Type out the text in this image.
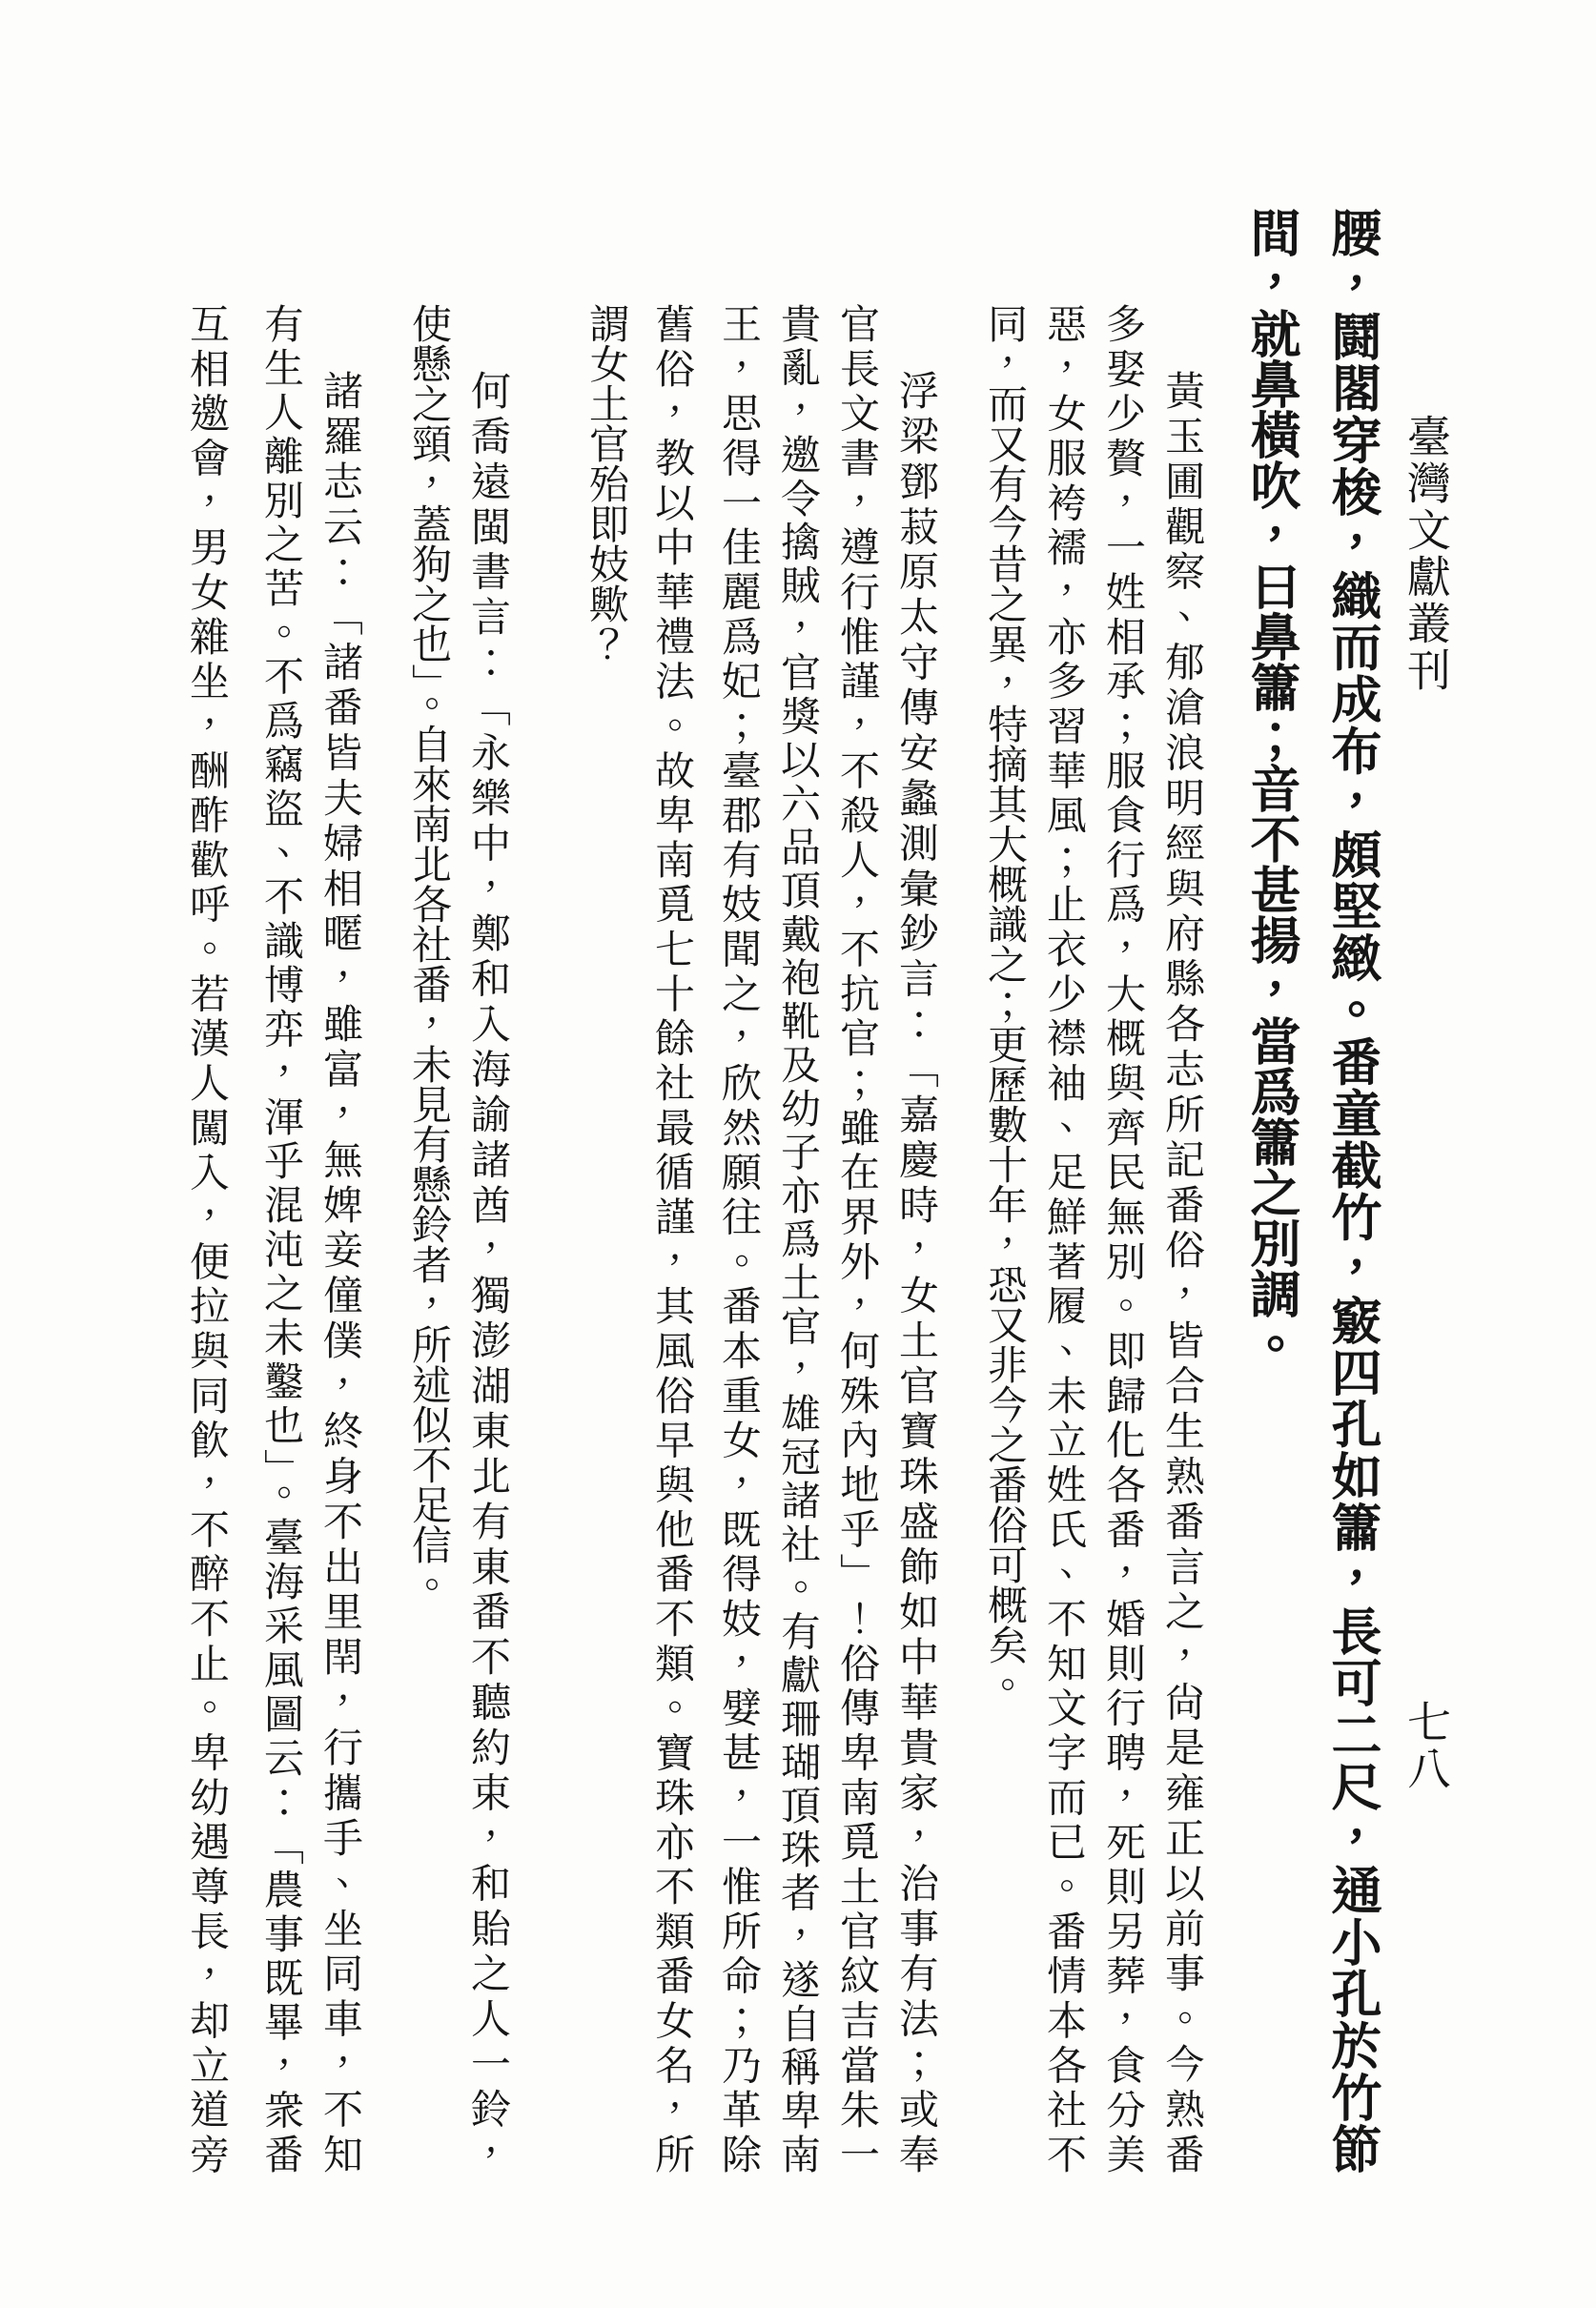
臺灣文獻叢刊
七八
腰，鬪閣穿梭，織而成布，頗堅緻。番童截竹，竅四孔如簫，長可二尺，通小孔於竹節
間，就鼻橫吹，曰鼻簫；音不甚揚，當爲簫之別調。
黃玉圃觀察、郁滄浪明經與府縣各志所記番俗，皆合生熟番言之，尙是雍正以前事。今熟番
多娶少贅，一姓相承；服食行爲，大概與齊民無別。即歸化各番，婚則行聘，死則另葬，食分美
惡，女服袴襦，亦多習華風；止衣少襟袖、足鮮著履、未立姓氏、不知文字而已。番情本各社不
同，而又有今昔之異，特摘其大概識之；更歷數十年，恐又非今之番俗可概矣。
浮梁鄧菽原太守傳安蠡測彙鈔言：「嘉慶時，女土官寶珠盛飾如中華貴家，治事有法；或奉
官長文書，遵行惟謹，不殺人，不抗官；雖在界外，何殊內地乎」！俗傳卑南覓土官紋吉當朱一
貴亂，邀令擒賊，官獎以六品頂戴袍靴及幼子亦爲土官，雄冠諸社。有獻珊瑚頂珠者，遂自稱卑南
王，思得一佳麗爲妃；臺郡有妓聞之，欣然願往。番本重女，既得妓，嬖甚，一惟所命；乃革除
舊俗，教以中華禮法。故卑南覓七十餘社最循謹，其風俗早與他番不類。寶珠亦不類番女名，所
謂女土官殆即妓歟？
何喬遠閩書言：「永樂中，鄭和入海諭諸酋，獨澎湖東北有東番不聽約束，和貽之人一鈴，
使懸之頸，蓋狗之也」。自來南北各社番，未見有懸鈴者，所述似不足信。
諸羅志云：「諸番皆夫婦相暱，雖富，無婢妾僮僕，終身不出里閈，行攜手、坐同車，不知
有生人離別之苦。不爲竊盜、不識博弈，渾乎混沌之未鑿也」。臺海采風圖云：「農事既畢，衆番
互相邀會，男女雜坐，酬酢歡呼。若漢人闖入，便拉與同飮，不醉不止。卑幼遇尊長，却立道旁
